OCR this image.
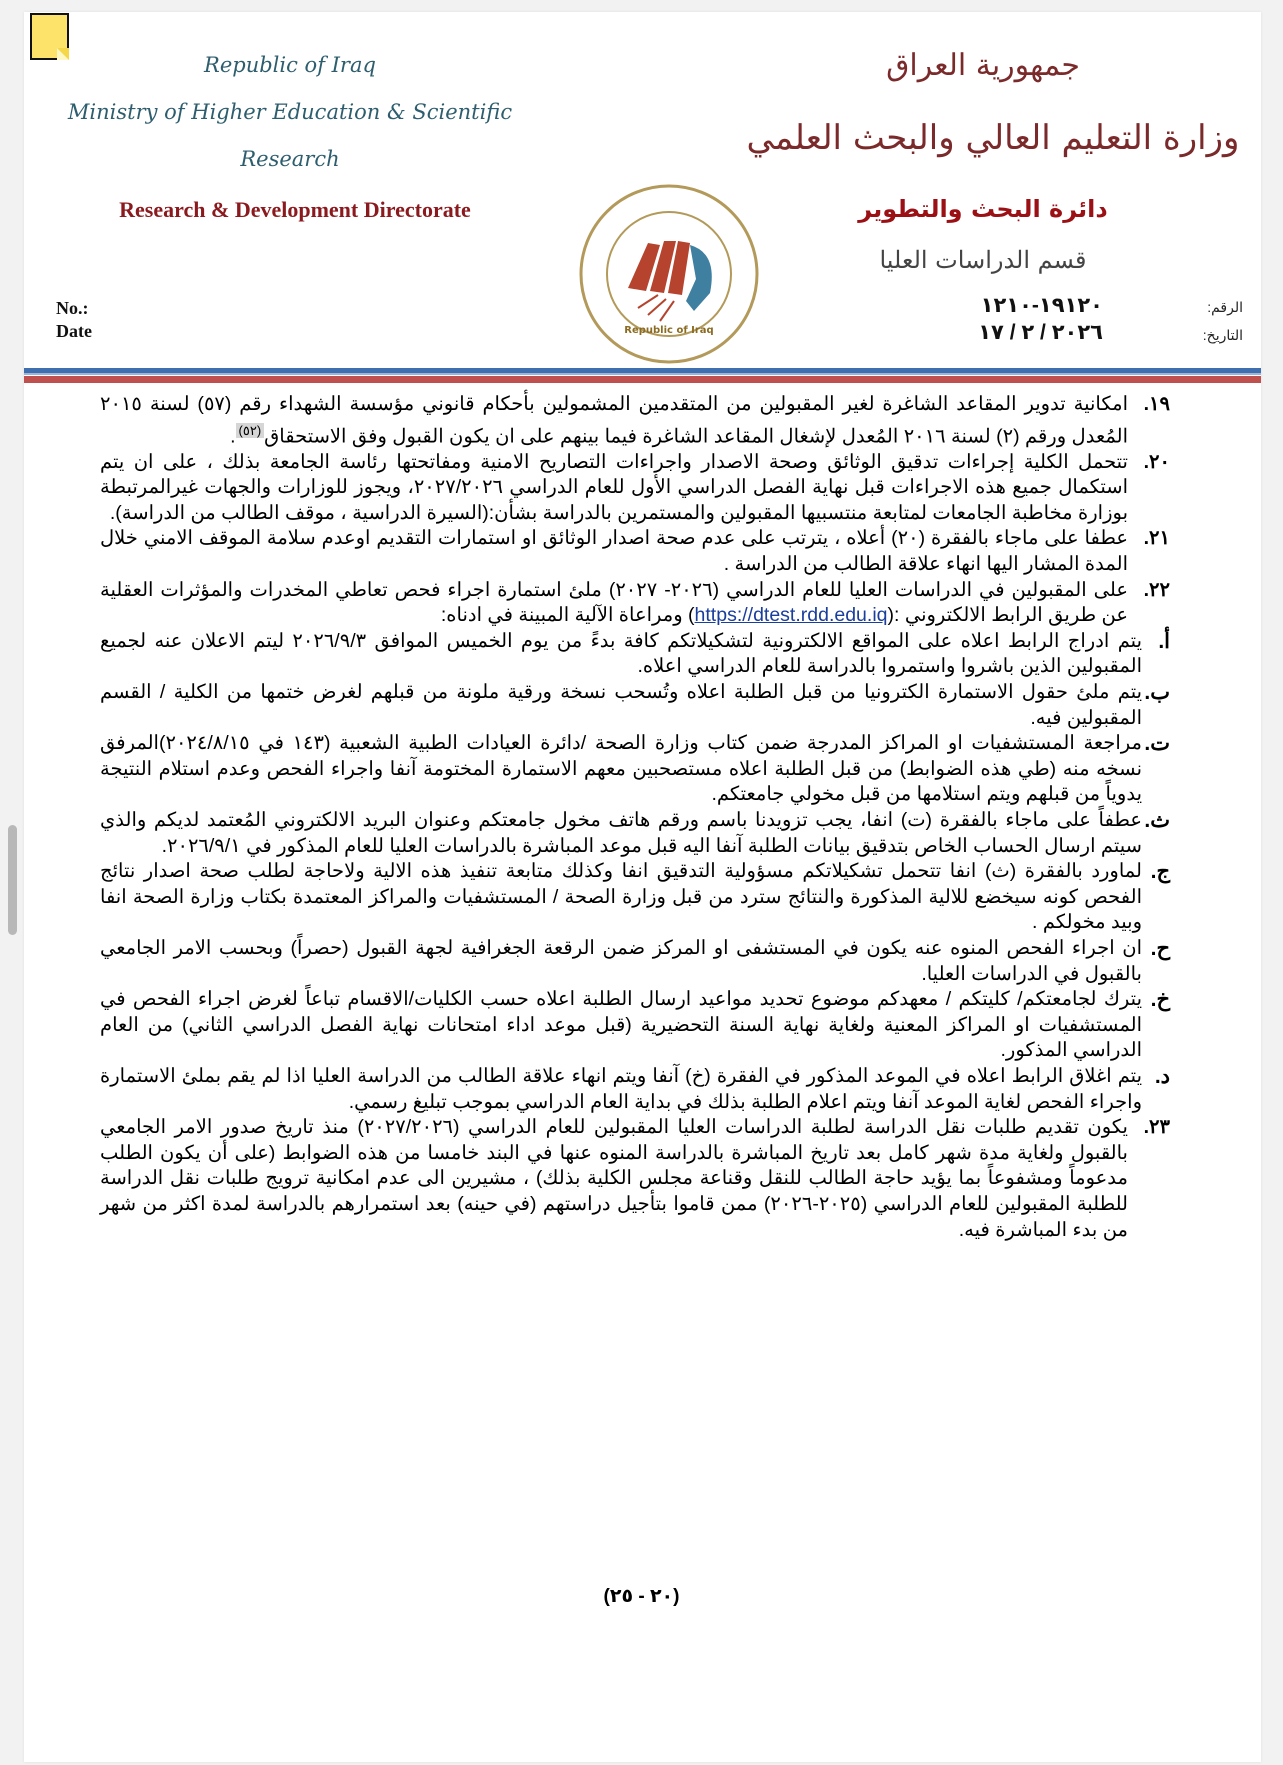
Republic of Iraq
Ministry of Higher Education & Scientific
Research
Research & Development Directorate
No.:
Date
جمهورية العراق
وزارة التعليم العالي والبحث العلمي
دائرة البحث والتطوير
قسم الدراسات العليا
١٩١٢٠-١٢١٠
٢٠٢٦ / ٢ / ١٧
الرقم:
التاريخ:
Republic of Iraq
١٩.
امكانية تدوير المقاعد الشاغرة لغير المقبولين من المتقدمين المشمولين بأحكام قانوني مؤسسة الشهداء رقم (٥٧) لسنة ٢٠١٥ المُعدل ورقم (٢) لسنة ٢٠١٦ المُعدل لإشغال المقاعد الشاغرة فيما بينهم على ان يكون القبول وفق الاستحقاق$^{(٥٢)}$.
٢٠.
تتحمل الكلية إجراءات تدقيق الوثائق وصحة الاصدار واجراءات التصاريح الامنية ومفاتحتها رئاسة الجامعة بذلك ، على ان يتم استكمال جميع هذه الاجراءات قبل نهاية الفصل الدراسي الأول للعام الدراسي ٢٠٢٧/٢٠٢٦، ويجوز للوزارات والجهات غيرالمرتبطة بوزارة مخاطبة الجامعات لمتابعة منتسبيها المقبولين والمستمرين بالدراسة بشأن:(السيرة الدراسية ، موقف الطالب من الدراسة).
٢١.
عطفا على ماجاء بالفقرة (٢٠) أعلاه ، يترتب على عدم صحة اصدار الوثائق او استمارات التقديم اوعدم سلامة الموقف الامني خلال المدة المشار اليها انهاء علاقة الطالب من الدراسة .
٢٢.
على المقبولين في الدراسات العليا للعام الدراسي (٢٠٢٦- ٢٠٢٧) ملئ استمارة اجراء فحص تعاطي المخدرات والمؤثرات العقلية عن طريق الرابط الالكتروني :(https://dtest.rdd.edu.iq) ومراعاة الآلية المبينة في ادناه:
أ.
يتم ادراج الرابط اعلاه على المواقع الالكترونية لتشكيلاتكم كافة بدءً من يوم الخميس الموافق ٢٠٢٦/٩/٣ ليتم الاعلان عنه لجميع المقبولين الذين باشروا واستمروا بالدراسة للعام الدراسي اعلاه.
ب.
يتم ملئ حقول الاستمارة الكترونيا من قبل الطلبة اعلاه وتُسحب نسخة ورقية ملونة من قبلهم لغرض ختمها من الكلية / القسم المقبولين فيه.
ت.
مراجعة المستشفيات او المراكز المدرجة ضمن كتاب وزارة الصحة /دائرة العيادات الطبية الشعبية (١٤٣ في ٢٠٢٤/٨/١٥)المرفق نسخه منه (طي هذه الضوابط) من قبل الطلبة اعلاه مستصحبين معهم الاستمارة المختومة آنفا واجراء الفحص وعدم استلام النتيجة يدوياً من قبلهم ويتم استلامها من قبل مخولي جامعتكم.
ث.
عطفاً على ماجاء بالفقرة (ت) انفا، يجب تزويدنا باسم ورقم هاتف مخول جامعتكم وعنوان البريد الالكتروني المُعتمد لديكم والذي سيتم ارسال الحساب الخاص بتدقيق بيانات الطلبة آنفا اليه قبل موعد المباشرة بالدراسات العليا للعام المذكور في ٢٠٢٦/٩/١.
ج.
لماورد بالفقرة (ث) انفا تتحمل تشكيلاتكم مسؤولية التدقيق انفا وكذلك متابعة تنفيذ هذه الالية ولاحاجة لطلب صحة اصدار نتائج الفحص كونه سيخضع للالية المذكورة والنتائج سترد من قبل وزارة الصحة / المستشفيات والمراكز المعتمدة بكتاب وزارة الصحة انفا وبيد مخولكم .
ح.
ان اجراء الفحص المنوه عنه يكون في المستشفى او المركز ضمن الرقعة الجغرافية لجهة القبول (حصراً) وبحسب الامر الجامعي بالقبول في الدراسات العليا.
خ.
يترك لجامعتكم/ كليتكم / معهدكم موضوع تحديد مواعيد ارسال الطلبة اعلاه حسب الكليات/الاقسام تباعاً لغرض اجراء الفحص في المستشفيات او المراكز المعنية ولغاية نهاية السنة التحضيرية (قبل موعد اداء امتحانات نهاية الفصل الدراسي الثاني) من العام الدراسي المذكور.
د.
يتم اغلاق الرابط اعلاه في الموعد المذكور في الفقرة (خ) آنفا ويتم انهاء علاقة الطالب من الدراسة العليا اذا لم يقم بملئ الاستمارة واجراء الفحص لغاية الموعد آنفا ويتم اعلام الطلبة بذلك في بداية العام الدراسي بموجب تبليغ رسمي.
٢٣.
يكون تقديم طلبات نقل الدراسة لطلبة الدراسات العليا المقبولين للعام الدراسي (٢٠٢٧/٢٠٢٦) منذ تاريخ صدور الامر الجامعي بالقبول ولغاية مدة شهر كامل بعد تاريخ المباشرة بالدراسة المنوه عنها في البند خامسا من هذه الضوابط (على أن يكون الطلب مدعوماً ومشفوعاً بما يؤيد حاجة الطالب للنقل وقناعة مجلس الكلية بذلك) ، مشيرين الى عدم امكانية ترويج طلبات نقل الدراسة للطلبة المقبولين للعام الدراسي (٢٠٢٥-٢٠٢٦) ممن قاموا بتأجيل دراستهم (في حينه) بعد استمرارهم بالدراسة لمدة اكثر من شهر من بدء المباشرة فيه.
(٢٠ - ٢٥)
